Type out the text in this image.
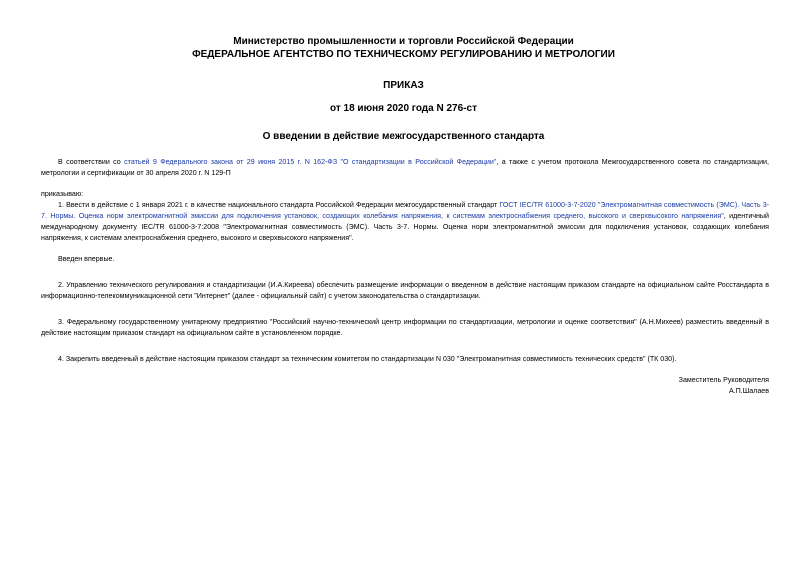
Министерство промышленности и торговли Российской Федерации
ФЕДЕРАЛЬНОЕ АГЕНТСТВО ПО ТЕХНИЧЕСКОМУ РЕГУЛИРОВАНИЮ И МЕТРОЛОГИИ
ПРИКАЗ
от 18 июня 2020 года N 276-ст
О введении в действие межгосударственного стандарта

В соответствии со статьей 9 Федерального закона от 29 июня 2015 г. N 162-ФЗ "О стандартизации в Российской Федерации", а также с учетом протокола Межгосударственного совета по стандартизации, метрологии и сертификации от 30 апреля 2020 г. N 129-П

приказываю:

1. Ввести в действие с 1 января 2021 г. в качестве национального стандарта Российской Федерации межгосударственный стандарт ГОСТ IEC/TR 61000-3-7-2020 "Электромагнитная совместимость (ЭМС). Часть 3-7. Нормы. Оценка норм электромагнитной эмиссии для подключения установок, создающих колебания напряжения, к системам электроснабжения среднего, высокого и сверхвысокого напряжения", идентичный международному документу IEC/TR 61000-3-7:2008 "Электромагнитная совместимость (ЭМС). Часть 3-7. Нормы. Оценка норм электромагнитной эмиссии для подключения установок, создающих колебания напряжения, к системам электроснабжения среднего, высокого и сверхвысокого напряжения".

Введен впервые.

2. Управлению технического регулирования и стандартизации (И.А.Киреева) обеспечить размещение информации о введенном в действие настоящим приказом стандарте на официальном сайте Росстандарта в информационно-телекоммуникационной сети "Интернет" (далее - официальный сайт) с учетом законодательства о стандартизации.

3. Федеральному государственному унитарному предприятию "Российский научно-технический центр информации по стандартизации, метрологии и оценке соответствия" (А.Н.Михеев) разместить введенный в действие настоящим приказом стандарт на официальном сайте в установленном порядке.

4. Закрепить введенный в действие настоящим приказом стандарт за техническим комитетом по стандартизации N 030 "Электромагнитная совместимость технических средств" (ТК 030).

Заместитель Руководителя
А.П.Шалаев
